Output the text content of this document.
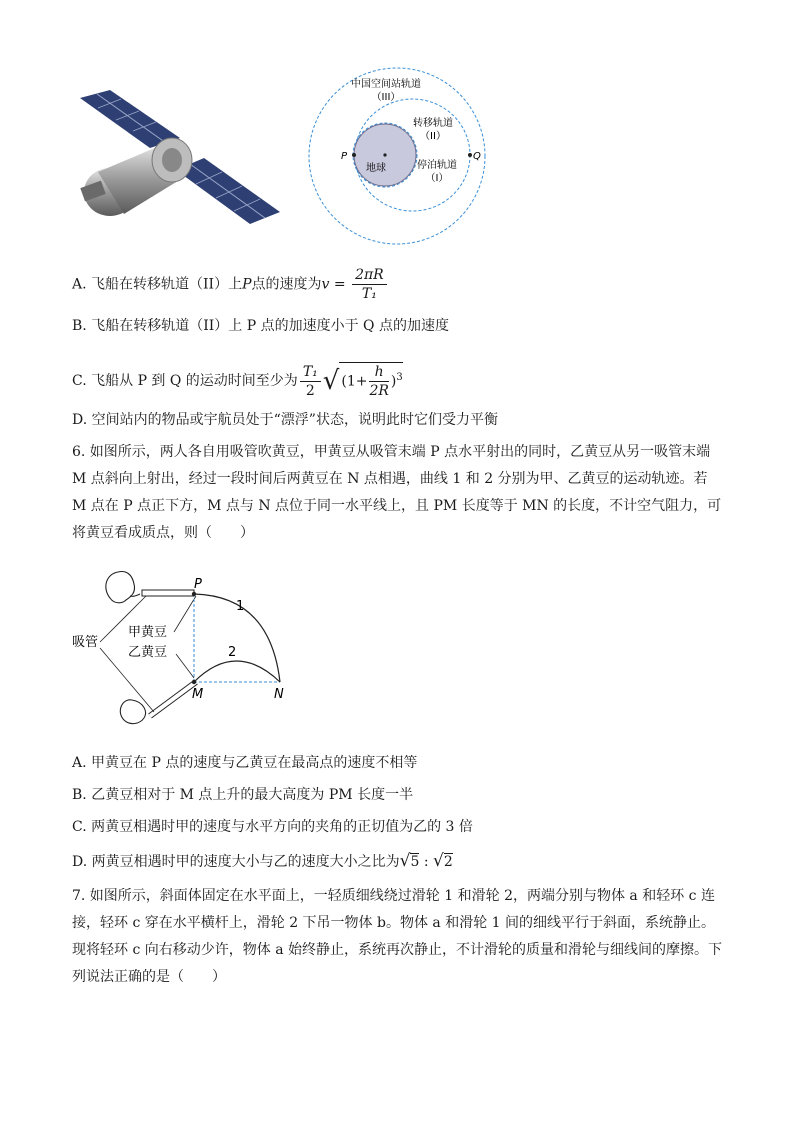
中国空间站轨道
（III）
转移轨道
（II）
停泊轨道
（I）
地球
P	Q
A. 飞船在转移轨道（II）上P点的速度为$v = \frac{2\pi R}{\text{T₁}}$
B. 飞船在转移轨道（II）上 P 点的加速度小于 Q 点的加速度
C. 飞船从 P 到 Q 的运动时间至少为 $\frac{\text{T₁}}{2}$ √ $(1+ \frac{h}{2R} )^3$
D. 空间站内的物品或宇航员处于“漂浮”状态，说明此时它们受力平衡
6. 如图所示，两人各自用吸管吹黄豆，甲黄豆从吸管末端 P 点水平射出的同时，乙黄豆从另一吸管末端 M 点斜向上射出，经过一段时间后两黄豆在 N 点相遇，曲线 1 和 2 分别为甲、乙黄豆的运动轨迹。若 M 点在 P 点正下方，M 点与 N 点位于同一水平线上，且 PM 长度等于 MN 的长度，不计空气阻力，可将黄豆看成质点，则（　　）
P
M	N
1
2
吸管
甲黄豆
乙黄豆
A. 甲黄豆在 P 点的速度与乙黄豆在最高点的速度不相等
B. 乙黄豆相对于 M 点上升的最大高度为 PM 长度一半
C. 两黄豆相遇时甲的速度与水平方向的夹角的正切值为乙的 3 倍
D. 两黄豆相遇时甲的速度大小与乙的速度大小之比为√5 : √2
7. 如图所示，斜面体固定在水平面上，一轻质细线绕过滑轮 1 和滑轮 2，两端分别与物体 a 和轻环 c 连接，轻环 c 穿在水平横杆上，滑轮 2 下吊一物体 b。物体 a 和滑轮 1 间的细线平行于斜面，系统静止。现将轻环 c 向右移动少许，物体 a 始终静止，系统再次静止，不计滑轮的质量和滑轮与细线间的摩擦。下列说法正确的是（　　）
